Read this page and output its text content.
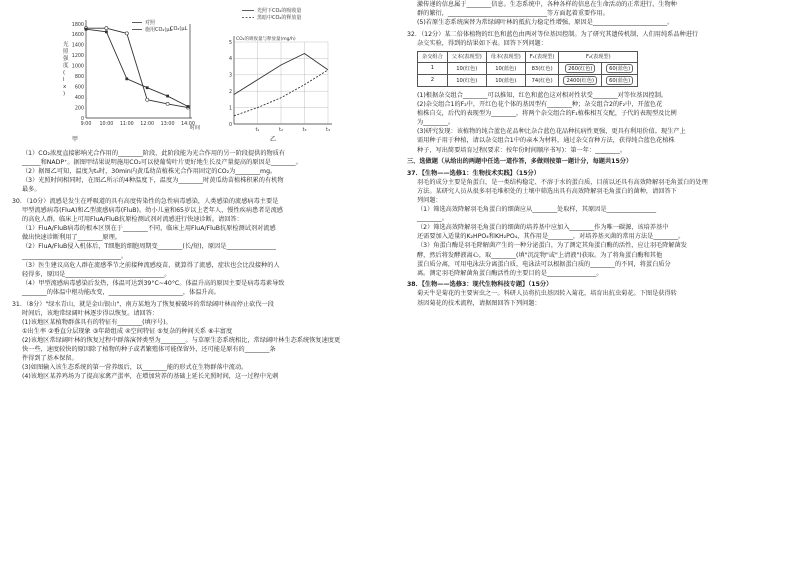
光
照
强
度
(
l
x
)
CO₂(μL
1800
1600
1400
1200
1000
800
600
400
200
0
9:00 10:00 11:00 12:00 13:00 14:00
对照
施用CO₂(μL
甲
时间
5
4
3
2
1
0
t₁	t₂	t₃	t₄
CO₂的吸收量与释放量(mg/h)
光照下CO₂的吸收量
黑暗中CO₂的释放量
乙
（1）CO₂浓度直接影响光合作用的________阶段，此阶段能为光合作用的另一阶段提供的物质有
______和NADP⁺。据图甲结果说明施用CO₂可以使葡萄叶片更好地生长及产量提高的原因是________。
（2）据图乙可知，温度为t₄时，30min内黄瓜幼苗植株光合作用固定的CO₂为________mg。
（3）光照时间相同时，在图乙所示的4种温度下，温度为________时黄瓜幼苗植株积累的有机物
最多。
30．（10分）流感是发生在呼吸道的具有高度传染性的急性病毒感染，人类感染的流感病毒主要是
甲型流感病毒(FluA)和乙型流感病毒(FluB)。幼小儿童和65岁以上老年人，慢性疾病患者是流感
的高危人群，临床上可用FluA/FluB抗原检测试剂对流感进行快速诊断。请回答：
（1）FluA/FluB病毒的根本区别在于________不同，临床上用FluA/FluB抗原检测试剂对流感
做出快速诊断利用了________原理。
（2）FluA/FluB侵入机体后，T细胞的细胞周期变________(长/短)，原因是________________
________________________________。
（3）医生建议高危人群在流感季节之前接种流感疫苗，就算得了流感，症状也会比没接种的人
轻得多，原因是________________________________。
（4）甲型流感病毒感染后发热，体温可达到39°C~40°C。体温升高的原因主要是病毒毒素导致
________的体温中枢功能改变，________________________，体温升高。
31．（8分）"绿水青山，就是金山银山"，南方某地为了恢复被破坏的常绿阔叶林而停止砍伐一段
时间后，该地常绿阔叶林逐步得以恢复。请回答：
(1)该地区某植物群落具有的特征有________(填序号)。
①出生率 ②垂直分层现象 ③年龄组成 ④空间特征 ⑤复杂的种间关系 ⑥丰富度
(2)该地区常绿阔叶林的恢复过程中群落演替类型为________。与草原生态系统相比，常绿阔叶林生态系统恢复速度更
快一些，速度较快的原因除了植物的种子或者繁殖体可能保留外，还可能是原有的________条
件得到了基本保留。
(3)如图输入该生态系统的第一营养级后，以________能的形式在生物群落中流动。
(4)该地区某养鸡场为了提高家禽产蛋率，在增加营养的基础上延长光照时间，这一过程中光刺
激传递的信息属于________信息。生态系统中，各种各样的信息在生命活动的正常进行，生物种
群的繁衍，________________________________等方面起着重要作用。
(5)若原生态系统演替为常绿阔叶林的抵抗力稳定性增强，原因是________________________。
32．（12分）某二倍体植物的红色和蓝色由两对等位基因控制。为了研究其遗传机制，人们用纯系品种进行
杂交实验，得到的结果如下表。回答下列问题：
杂交组合	父本(表现型)	母本(表现型)	F₁(表现型)	F₂(表现型)	
1	10(红色)	10(蓝色)	83(红色)	260(红色)	60(蓝色)
2	10(红色)	10(蓝色)	74(红色)	2400(红色)	60(蓝色)
(1)根据杂交组合________可以推知，红色和蓝色这对相对性状受________对等位基因控制。
(2)杂交组合1的F₂中，开红色花个体的基因型有________种；杂交组合2的F₂中，开蓝色花
植株自交，后代的表现型为________，将两个杂交组合的F₁植株相互交配，子代的表现型及比例
为________。
(3)研究发现：该植物的纯合蓝色花品种比杂合蓝色花品种抗病性更强，更具有利用价值。现生产上
需用种子用于种植，请以杂交组合1中的亲本为材料，通过杂交育种方法，获得纯合蓝色花植株
种子，写出简要培育过程(要求：按年份时间顺序书写)：第一年：________。
三、选做题（从给出的两题中任选一道作答，多做则按第一题计分，每题共15分）
37．【生物——选修1：生物技术实践】（15分）
羽毛的成分主要是角蛋白，是一类结构稳定、不溶于水的蛋白质，目前以还具有高效降解羽毛角蛋白的处理
方法。某研究人员从很多羽毛堆积处的土壤中筛选出具有高效降解羽毛角蛋白的菌种，请回答下
列问题：
（1）筛选高效降解羽毛角蛋白的细菌应从________处取样，其原因是________________
________。
（2）筛选高效降解羽毛角蛋白的细菌的培养基中应加入________作为唯一碳源，该培养基中
还需要加入适量的K₂HPO₄和KH₂PO₄，其作用是________，对培养基灭菌的常用方法是________。
（3）角蛋白酶是羽毛降解菌产生的一种分泌蛋白，为了测定其角蛋白酶的活性，应让羽毛降解菌发
酵，然后将发酵液离心，取________(填"沉淀物"或"上清液")获取。为了将角蛋白酶和其他
蛋白质分离，可用电泳法分离蛋白质，电泳法可以根据蛋白质的________的不同，将蛋白质分
离。测定羽毛降解菌角蛋白酶活性的主要目的是________________。
38．【生物——选修3：现代生物科技专题】（15分）
菊天牛是菊花的主要害虫之一。科研人员将抗虫基因转入菊花，培育出抗虫菊花。下图是获得转
基因菊花的技术流程，请据图回答下列问题：
